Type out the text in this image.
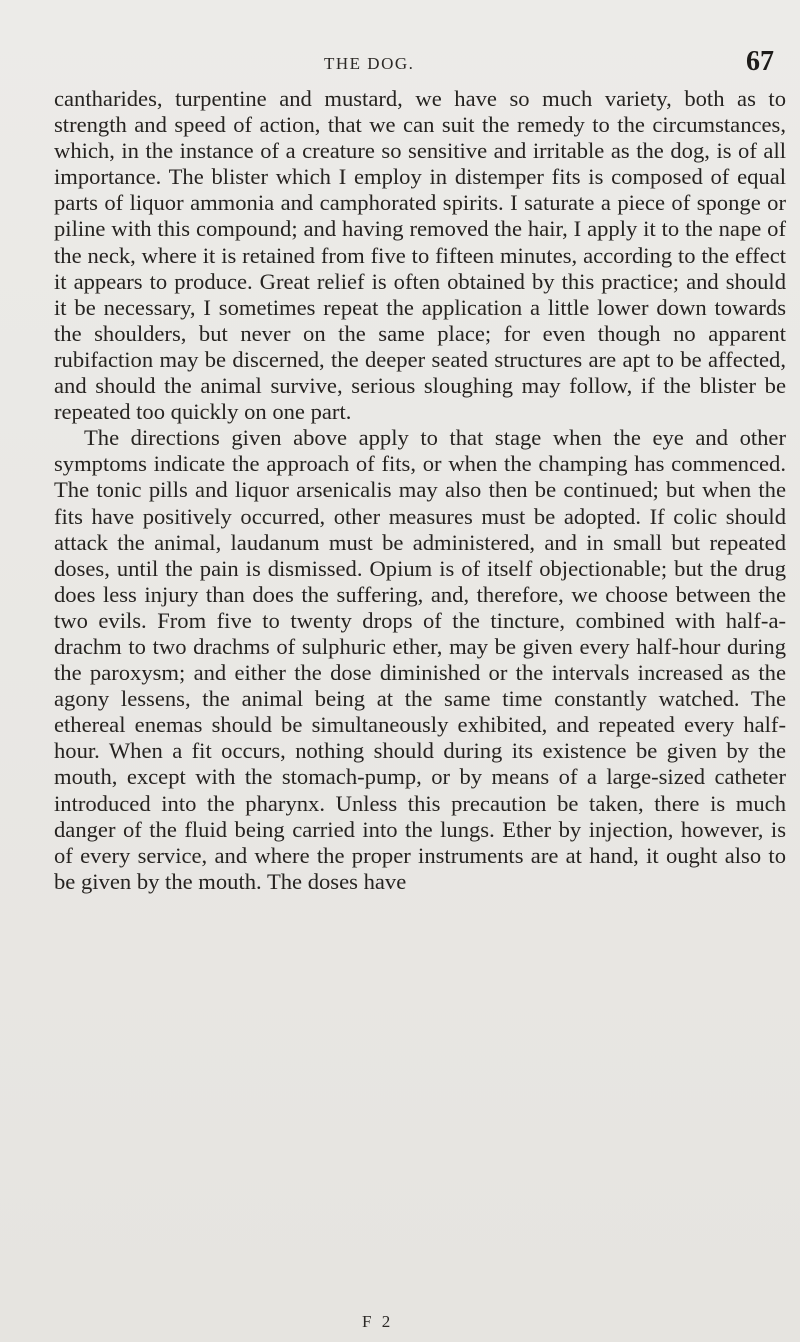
THE DOG.	67

cantharides, turpentine and mustard, we have so much variety, both as to strength and speed of action, that we can suit the remedy to the circumstances, which, in the instance of a creature so sensitive and irritable as the dog, is of all importance. The blister which I employ in distemper fits is composed of equal parts of liquor ammonia and camphorated spirits. I saturate a piece of sponge or piline with this compound; and having removed the hair, I apply it to the nape of the neck, where it is retained from five to fifteen minutes, according to the effect it appears to produce. Great relief is often obtained by this practice; and should it be necessary, I sometimes repeat the application a little lower down towards the shoulders, but never on the same place; for even though no apparent rubifaction may be discerned, the deeper seated structures are apt to be affected, and should the animal survive, serious sloughing may follow, if the blister be repeated too quickly on one part.

The directions given above apply to that stage when the eye and other symptoms indicate the approach of fits, or when the champing has commenced. The tonic pills and liquor arsenicalis may also then be continued; but when the fits have positively occurred, other measures must be adopted. If colic should attack the animal, laudanum must be administered, and in small but repeated doses, until the pain is dismissed. Opium is of itself objectionable; but the drug does less injury than does the suffering, and, therefore, we choose between the two evils. From five to twenty drops of the tincture, combined with half-a-drachm to two drachms of sulphuric ether, may be given every half-hour during the paroxysm; and either the dose diminished or the intervals increased as the agony lessens, the animal being at the same time constantly watched. The ethereal enemas should be simultaneously exhibited, and repeated every half-hour. When a fit occurs, nothing should during its existence be given by the mouth, except with the stomach-pump, or by means of a large-sized catheter introduced into the pharynx. Unless this precaution be taken, there is much danger of the fluid being carried into the lungs. Ether by injection, however, is of every service, and where the proper instruments are at hand, it ought also to be given by the mouth. The doses have

F 2
